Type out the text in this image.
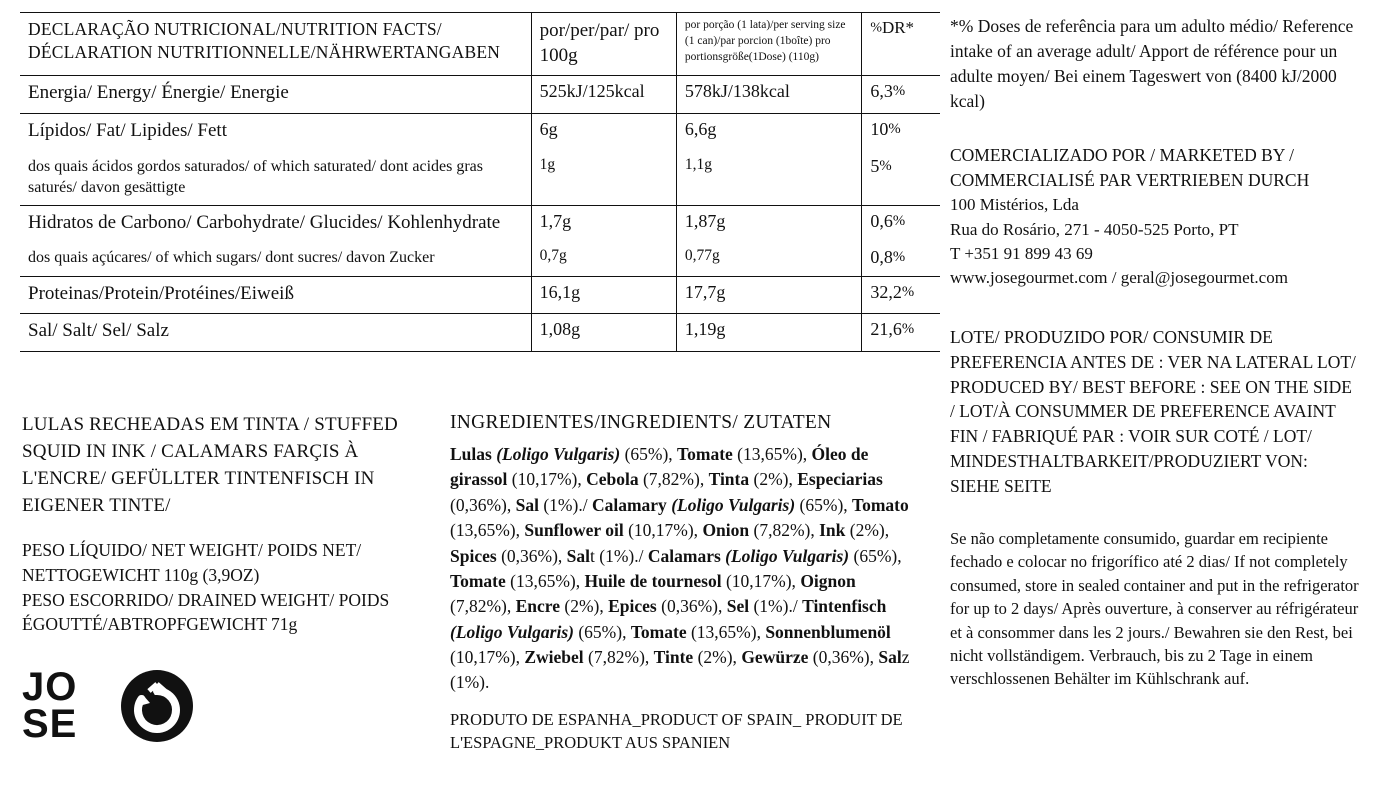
DECLARAÇÃO NUTRICIONAL/NUTRITION FACTS/ DÉCLARATION NUTRITIONNELLE/NÄHRWERTANGABEN	por/per/par/ pro 100g	por porção (1 lata)/per serving size (1 can)/par porcion (1boîte) pro portionsgröße(1Dose) (110g)	%DR*
Energia/ Energy/ Énergie/ Energie	525kJ/125kcal	578kJ/138kcal	6,3%
Lípidos/ Fat/ Lipides/ Fett	6g	6,6g	10%
dos quais ácidos gordos saturados/ of which saturated/ dont acides gras saturés/ davon gesättigte	1g	1,1g	5%
Hidratos de Carbono/ Carbohydrate/ Glucides/ Kohlenhydrate	1,7g	1,87g	0,6%
dos quais açúcares/ of which sugars/ dont sucres/ davon Zucker	0,7g	0,77g	0,8%
Proteinas/Protein/Protéines/Eiweiß	16,1g	17,7g	32,2%
Sal/ Salt/ Sel/ Salz	1,08g	1,19g	21,6%
LULAS RECHEADAS EM TINTA / STUFFED SQUID IN INK / CALAMARS FARÇIS À L'ENCRE/ GEFÜLLTER TINTENFISCH IN EIGENER TINTE/
PESO LÍQUIDO/ NET WEIGHT/ POIDS NET/ NETTOGEWICHT 110g (3,9OZ)
PESO ESCORRIDO/ DRAINED WEIGHT/ POIDS ÉGOUTTÉ/ABTROPFGEWICHT 71g
JO
SE
INGREDIENTES/INGREDIENTS/ ZUTATEN
Lulas (Loligo Vulgaris) (65%), Tomate (13,65%), Óleo de girassol (10,17%), Cebola (7,82%), Tinta (2%), Especiarias (0,36%), Sal (1%)./ Calamary (Loligo Vulgaris) (65%), Tomato (13,65%), Sunflower oil (10,17%), Onion (7,82%), Ink (2%), Spices (0,36%), Salt (1%)./ Calamars (Loligo Vulgaris) (65%), Tomate (13,65%), Huile de tournesol (10,17%), Oignon (7,82%), Encre (2%), Epices (0,36%), Sel (1%)./ Tintenfisch (Loligo Vulgaris) (65%), Tomate (13,65%), Sonnenblumenöl (10,17%), Zwiebel (7,82%), Tinte (2%), Gewürze (0,36%), Salz (1%).
PRODUTO DE ESPANHA_PRODUCT OF SPAIN_ PRODUIT DE L'ESPAGNE_PRODUKT AUS SPANIEN
*% Doses de referência para um adulto médio/ Reference intake of an average adult/ Apport de référence pour un adulte moyen/ Bei einem Tageswert von (8400 kJ/2000 kcal)
COMERCIALIZADO POR / MARKETED BY / COMMERCIALISÉ PAR VERTRIEBEN DURCH
100 Mistérios, Lda
Rua do Rosário, 271 - 4050-525 Porto, PT
T +351 91 899 43 69
www.josegourmet.com / geral@josegourmet.com
LOTE/ PRODUZIDO POR/ CONSUMIR DE PREFERENCIA ANTES DE : VER NA LATERAL LOT/ PRODUCED BY/ BEST BEFORE : SEE ON THE SIDE / LOT/À CONSUMMER DE PREFERENCE AVAINT FIN / FABRIQUÉ PAR : VOIR SUR COTÉ / LOT/ MINDESTHALTBARKEIT/PRODUZIERT VON: SIEHE SEITE
Se não completamente consumido, guardar em recipiente fechado e colocar no frigorífico até 2 dias/ If not completely consumed, store in sealed container and put in the refrigerator for up to 2 days/ Après ouverture, à conserver au réfrigérateur et à consommer dans les 2 jours./ Bewahren sie den Rest, bei nicht vollständigem. Verbrauch, bis zu 2 Tage in einem verschlossenen Behälter im Kühlschrank auf.
